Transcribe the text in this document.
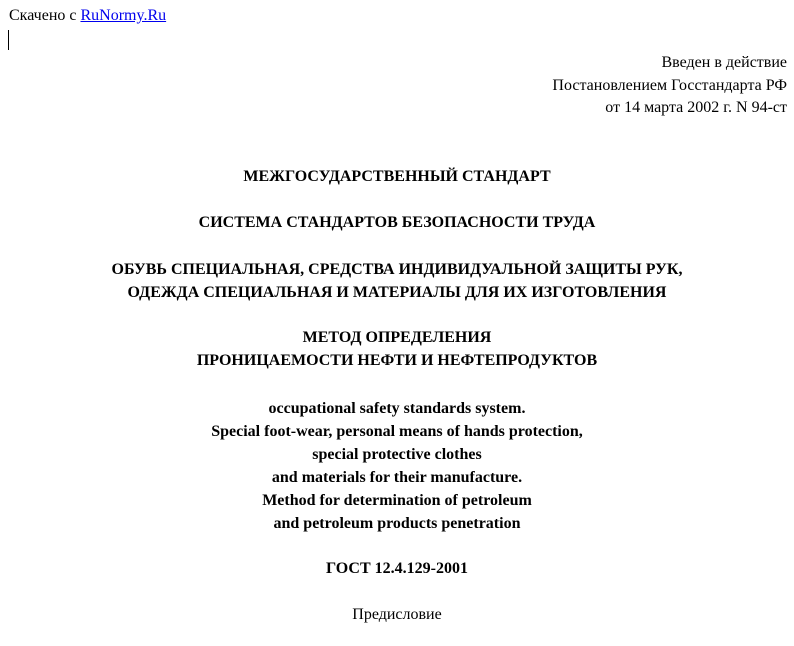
Скачено с RuNormy.Ru
Введен в действие
Постановлением Госстандарта РФ
от 14 марта 2002 г. N 94-ст
МЕЖГОСУДАРСТВЕННЫЙ СТАНДАРТ
СИСТЕМА СТАНДАРТОВ БЕЗОПАСНОСТИ ТРУДА
ОБУВЬ СПЕЦИАЛЬНАЯ, СРЕДСТВА ИНДИВИДУАЛЬНОЙ ЗАЩИТЫ РУК,
ОДЕЖДА СПЕЦИАЛЬНАЯ И МАТЕРИАЛЫ ДЛЯ ИХ ИЗГОТОВЛЕНИЯ
МЕТОД ОПРЕДЕЛЕНИЯ
ПРОНИЦАЕМОСТИ НЕФТИ И НЕФТЕПРОДУКТОВ
occupational safety standards system.
Special foot-wear, personal means of hands protection,
special protective clothes
and materials for their manufacture.
Method for determination of petroleum
and petroleum products penetration
ГОСТ 12.4.129-2001
Предисловие
